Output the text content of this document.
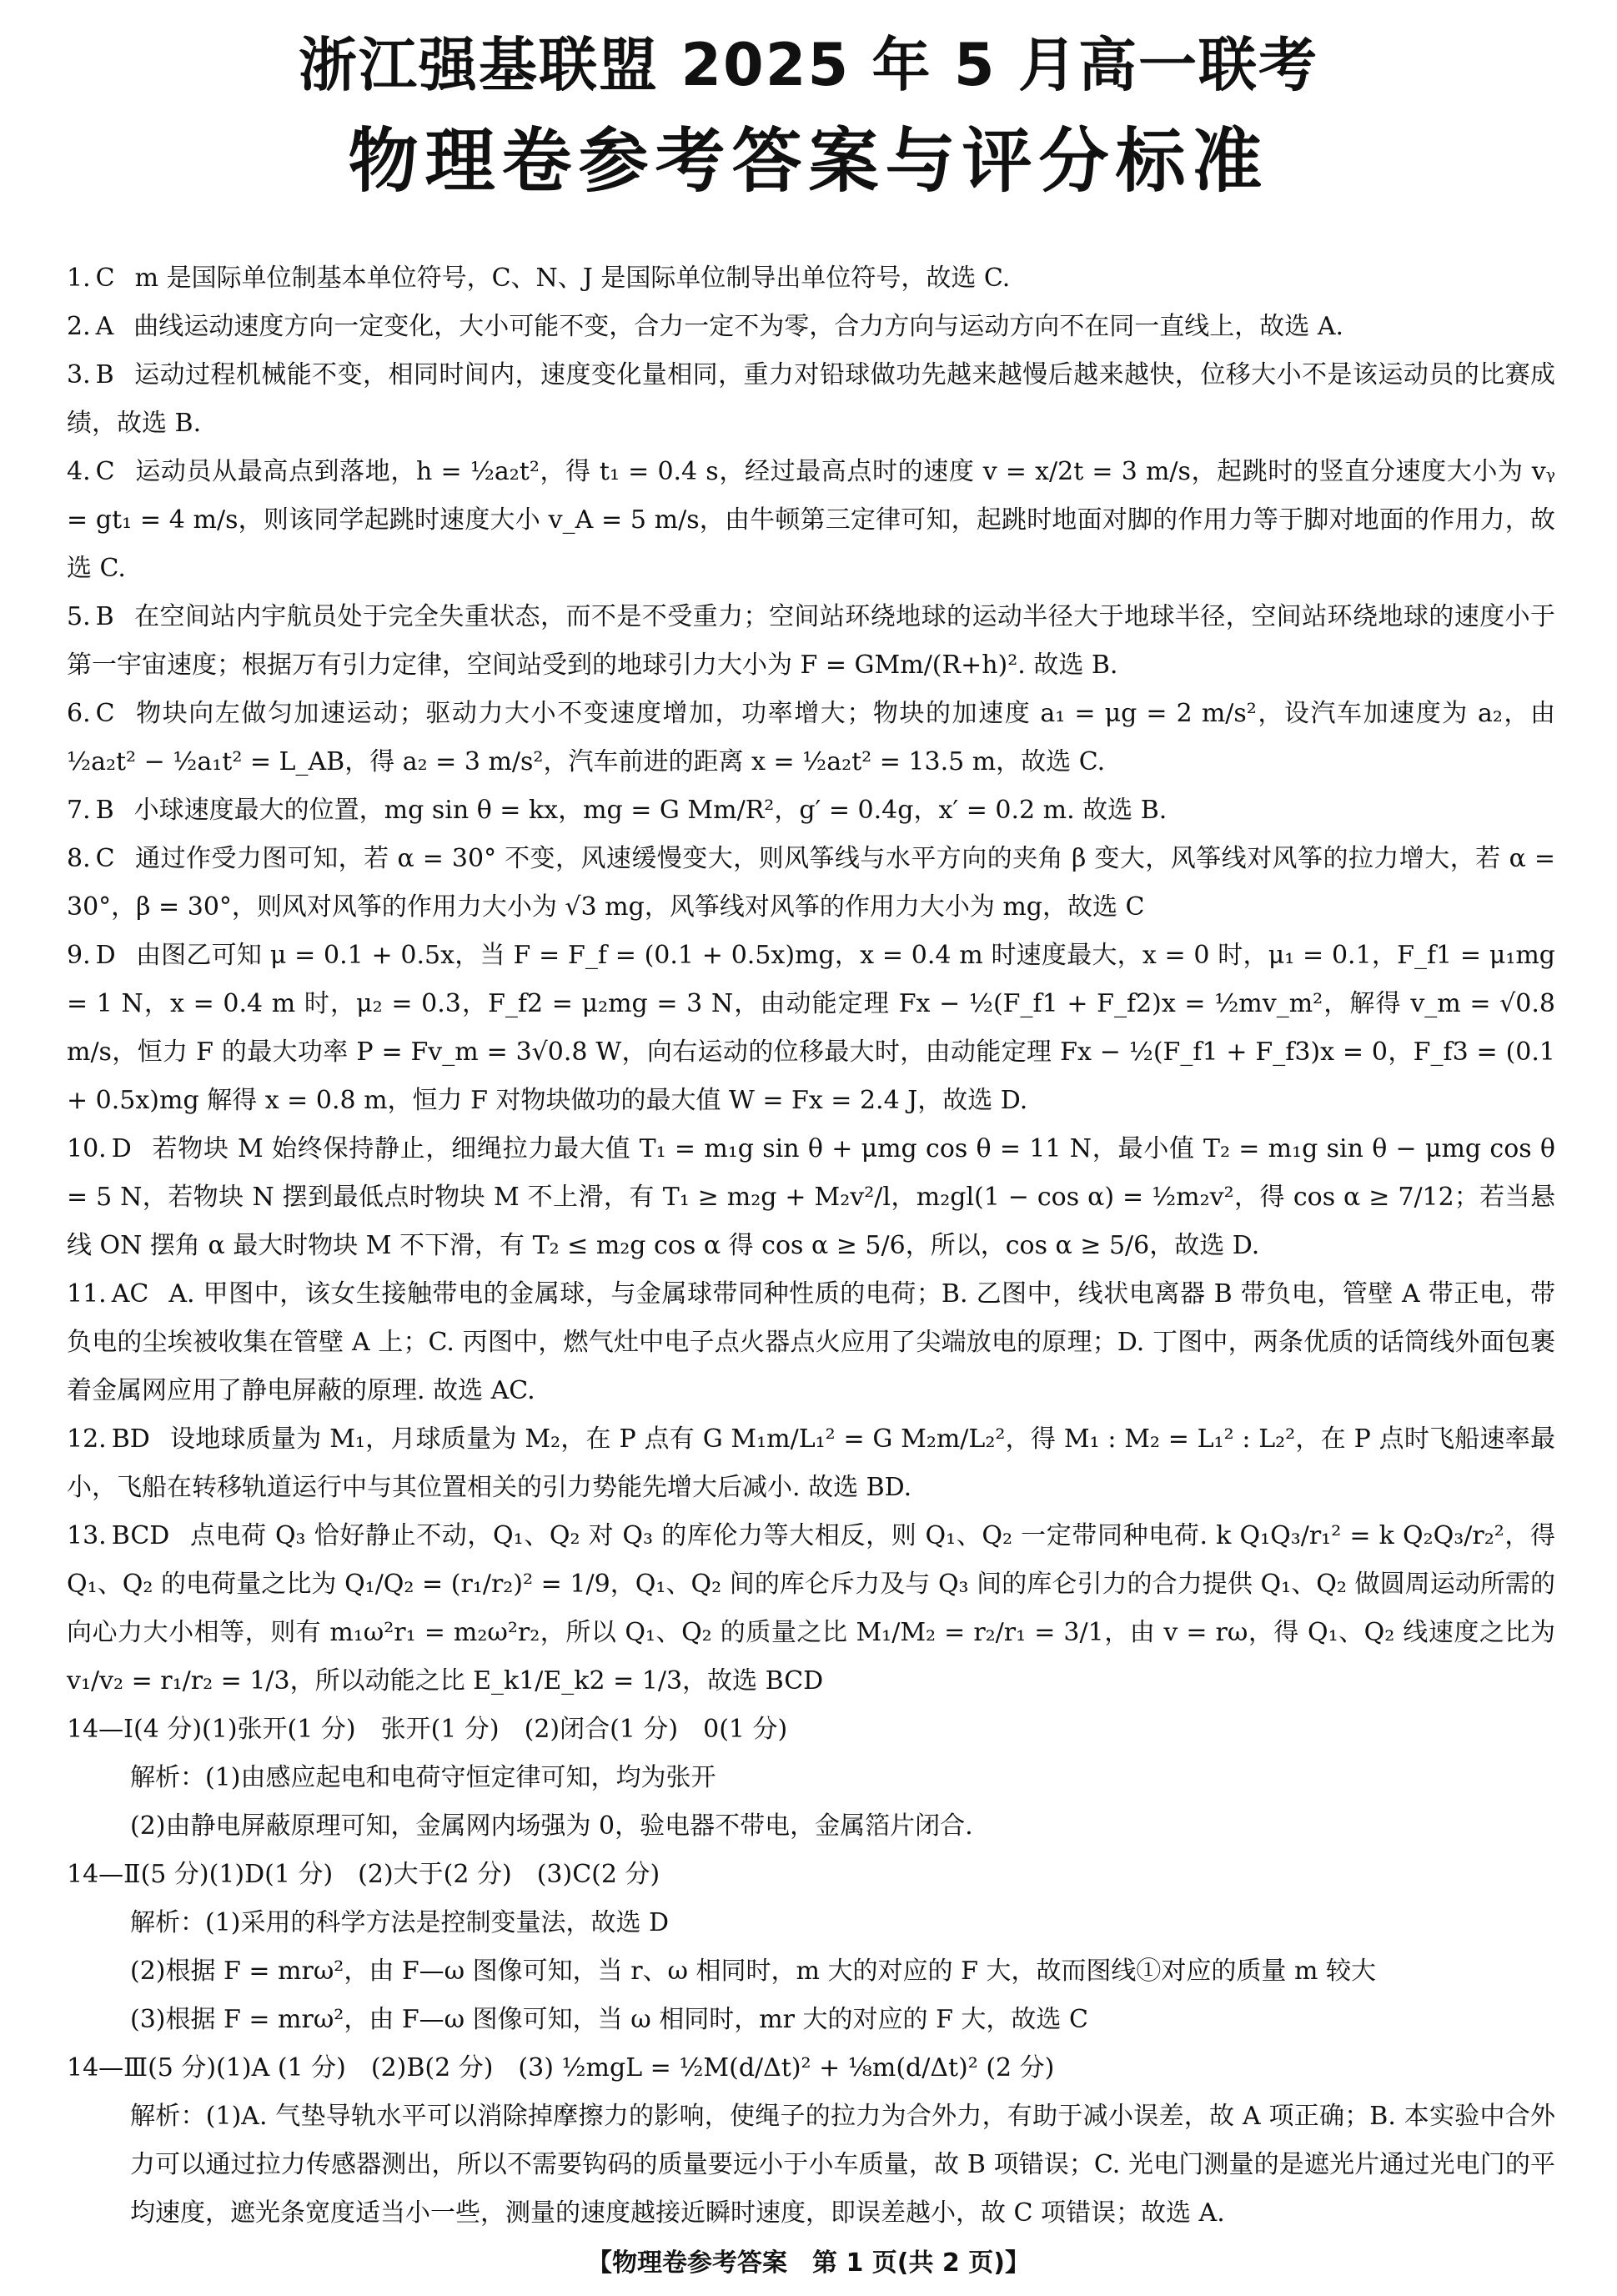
浙江强基联盟 2025 年 5 月高一联考
物理卷参考答案与评分标准
1. C m 是国际单位制基本单位符号，C、N、J 是国际单位制导出单位符号，故选 C.
2. A 曲线运动速度方向一定变化，大小可能不变，合力一定不为零，合力方向与运动方向不在同一直线上，故选 A.
3. B 运动过程机械能不变，相同时间内，速度变化量相同，重力对铅球做功先越来越慢后越来越快，位移大小不是该运动员的比赛成绩，故选 B.
4. C 运动员从最高点到落地，h = ½a₂t²，得 t₁ = 0.4 s，经过最高点时的速度 v = x/2t = 3 m/s，起跳时的竖直分速度大小为 vᵧ = gt₁ = 4 m/s，则该同学起跳时速度大小 v_A = 5 m/s，由牛顿第三定律可知，起跳时地面对脚的作用力等于脚对地面的作用力，故选 C.
5. B 在空间站内宇航员处于完全失重状态，而不是不受重力；空间站环绕地球的运动半径大于地球半径，空间站环绕地球的速度小于第一宇宙速度；根据万有引力定律，空间站受到的地球引力大小为 F = GMm/(R+h)². 故选 B.
6. C 物块向左做匀加速运动；驱动力大小不变速度增加，功率增大；物块的加速度 a₁ = μg = 2 m/s²，设汽车加速度为 a₂，由 ½a₂t² − ½a₁t² = L_AB，得 a₂ = 3 m/s²，汽车前进的距离 x = ½a₂t² = 13.5 m，故选 C.
7. B 小球速度最大的位置，mg sin θ = kx，mg = G Mm/R²，g′ = 0.4g，x′ = 0.2 m. 故选 B.
8. C 通过作受力图可知，若 α = 30° 不变，风速缓慢变大，则风筝线与水平方向的夹角 β 变大，风筝线对风筝的拉力增大，若 α = 30°，β = 30°，则风对风筝的作用力大小为 √3 mg，风筝线对风筝的作用力大小为 mg，故选 C
9. D 由图乙可知 μ = 0.1 + 0.5x，当 F = F_f = (0.1 + 0.5x)mg，x = 0.4 m 时速度最大，x = 0 时，μ₁ = 0.1，F_f1 = μ₁mg = 1 N，x = 0.4 m 时，μ₂ = 0.3，F_f2 = μ₂mg = 3 N，由动能定理 Fx − ½(F_f1 + F_f2)x = ½mv_m²，解得 v_m = √0.8 m/s，恒力 F 的最大功率 P = Fv_m = 3√0.8 W，向右运动的位移最大时，由动能定理 Fx − ½(F_f1 + F_f3)x = 0，F_f3 = (0.1 + 0.5x)mg 解得 x = 0.8 m，恒力 F 对物块做功的最大值 W = Fx = 2.4 J，故选 D.
10. D 若物块 M 始终保持静止，细绳拉力最大值 T₁ = m₁g sin θ + μmg cos θ = 11 N，最小值 T₂ = m₁g sin θ − μmg cos θ = 5 N，若物块 N 摆到最低点时物块 M 不上滑，有 T₁ ≥ m₂g + M₂v²/l，m₂gl(1 − cos α) = ½m₂v²，得 cos α ≥ 7/12；若当悬线 ON 摆角 α 最大时物块 M 不下滑，有 T₂ ≤ m₂g cos α 得 cos α ≥ 5/6，所以，cos α ≥ 5/6，故选 D.
11. AC A. 甲图中，该女生接触带电的金属球，与金属球带同种性质的电荷；B. 乙图中，线状电离器 B 带负电，管壁 A 带正电，带负电的尘埃被收集在管壁 A 上；C. 丙图中，燃气灶中电子点火器点火应用了尖端放电的原理；D. 丁图中，两条优质的话筒线外面包裹着金属网应用了静电屏蔽的原理. 故选 AC.
12. BD 设地球质量为 M₁，月球质量为 M₂，在 P 点有 G M₁m/L₁² = G M₂m/L₂²，得 M₁ : M₂ = L₁² : L₂²，在 P 点时飞船速率最小，飞船在转移轨道运行中与其位置相关的引力势能先增大后减小. 故选 BD.
13. BCD 点电荷 Q₃ 恰好静止不动，Q₁、Q₂ 对 Q₃ 的库伦力等大相反，则 Q₁、Q₂ 一定带同种电荷. k Q₁Q₃/r₁² = k Q₂Q₃/r₂²，得 Q₁、Q₂ 的电荷量之比为 Q₁/Q₂ = (r₁/r₂)² = 1/9，Q₁、Q₂ 间的库仑斥力及与 Q₃ 间的库仑引力的合力提供 Q₁、Q₂ 做圆周运动所需的向心力大小相等，则有 m₁ω²r₁ = m₂ω²r₂，所以 Q₁、Q₂ 的质量之比 M₁/M₂ = r₂/r₁ = 3/1，由 v = rω，得 Q₁、Q₂ 线速度之比为 v₁/v₂ = r₁/r₂ = 1/3，所以动能之比 E_k1/E_k2 = 1/3，故选 BCD
14—Ⅰ(4 分)(1)张开(1 分)　张开(1 分)　(2)闭合(1 分)　0(1 分)
解析：(1)由感应起电和电荷守恒定律可知，均为张开
(2)由静电屏蔽原理可知，金属网内场强为 0，验电器不带电，金属箔片闭合.
14—Ⅱ(5 分)(1)D(1 分)　(2)大于(2 分)　(3)C(2 分)
解析：(1)采用的科学方法是控制变量法，故选 D
(2)根据 F = mrω²，由 F—ω 图像可知，当 r、ω 相同时，m 大的对应的 F 大，故而图线①对应的质量 m 较大
(3)根据 F = mrω²，由 F—ω 图像可知，当 ω 相同时，mr 大的对应的 F 大，故选 C
14—Ⅲ(5 分)(1)A (1 分)　(2)B(2 分)　(3) ½mgL = ½M(d/Δt)² + ⅛m(d/Δt)² (2 分)
解析：(1)A. 气垫导轨水平可以消除掉摩擦力的影响，使绳子的拉力为合外力，有助于减小误差，故 A 项正确；B. 本实验中合外力可以通过拉力传感器测出，所以不需要钩码的质量要远小于小车质量，故 B 项错误；C. 光电门测量的是遮光片通过光电门的平均速度，遮光条宽度适当小一些，测量的速度越接近瞬时速度，即误差越小，故 C 项错误；故选 A.
【物理卷参考答案　第 1 页(共 2 页)】
